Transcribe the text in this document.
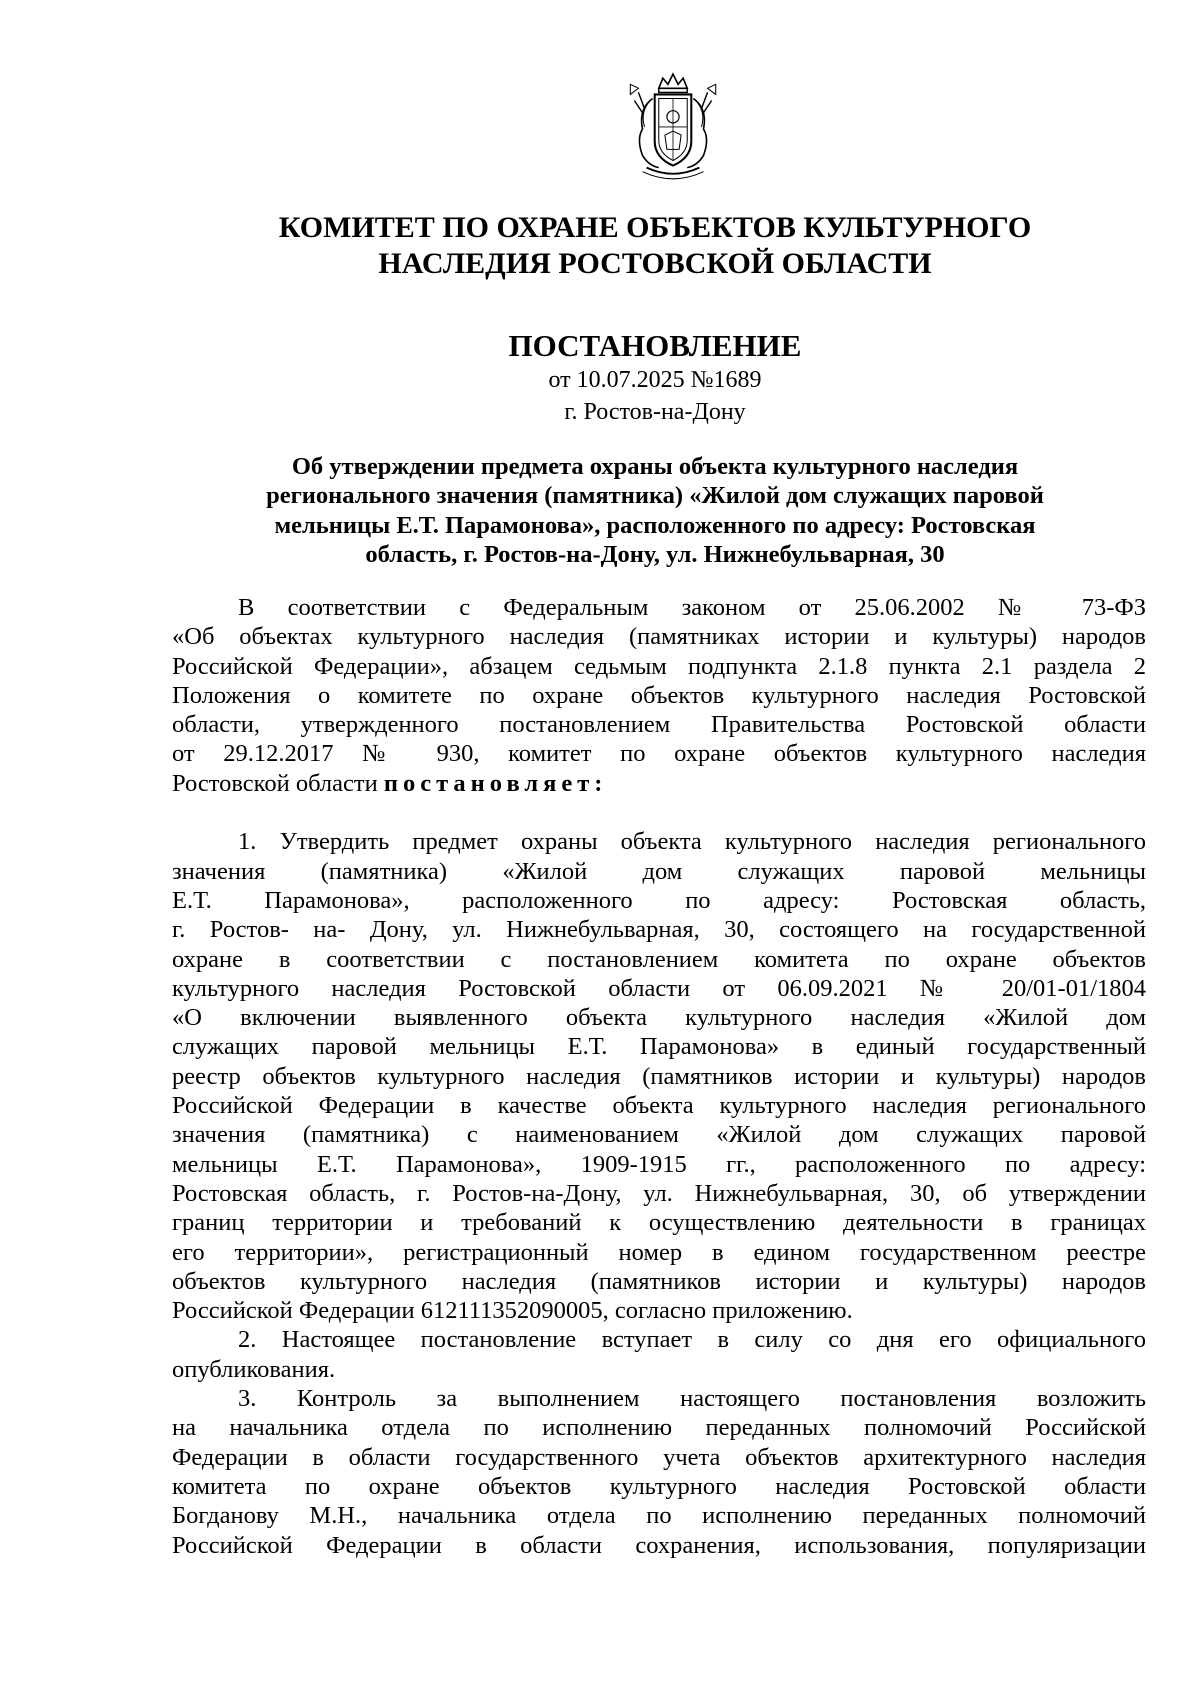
КОМИТЕТ ПО ОХРАНЕ ОБЪЕКТОВ КУЛЬТУРНОГО
НАСЛЕДИЯ РОСТОВСКОЙ ОБЛАСТИ
ПОСТАНОВЛЕНИЕ
от 10.07.2025 №1689
г. Ростов-на-Дону
Об утверждении предмета охраны объекта культурного наследия
регионального значения (памятника) «Жилой дом служащих паровой
мельницы Е.Т. Парамонова», расположенного по адресу: Ростовская
область, г. Ростов-на-Дону, ул. Нижнебульварная, 30
В соответствии с Федеральным законом от 25.06.2002 № 73-ФЗ
«Об объектах культурного наследия (памятниках истории и культуры) народов
Российской Федерации», абзацем седьмым подпункта 2.1.8 пункта 2.1 раздела 2
Положения о комитете по охране объектов культурного наследия Ростовской
области, утвержденного постановлением Правительства Ростовской области
от 29.12.2017 № 930, комитет по охране объектов культурного наследия
Ростовской области постановляет:
1. Утвердить предмет охраны объекта культурного наследия регионального
значения (памятника) «Жилой дом служащих паровой мельницы
Е.Т. Парамонова», расположенного по адресу: Ростовская область,
г. Ростов- на- Дону, ул. Нижнебульварная, 30, состоящего на государственной
охране в соответствии с постановлением комитета по охране объектов
культурного наследия Ростовской области от 06.09.2021 № 20/01-01/1804
«О включении выявленного объекта культурного наследия «Жилой дом
служащих паровой мельницы Е.Т. Парамонова» в единый государственный
реестр объектов культурного наследия (памятников истории и культуры) народов
Российской Федерации в качестве объекта культурного наследия регионального
значения (памятника) с наименованием «Жилой дом служащих паровой
мельницы Е.Т. Парамонова», 1909-1915 гг., расположенного по адресу:
Ростовская область, г. Ростов-на-Дону, ул. Нижнебульварная, 30, об утверждении
границ территории и требований к осуществлению деятельности в границах
его территории», регистрационный номер в едином государственном реестре
объектов культурного наследия (памятников истории и культуры) народов
Российской Федерации 612111352090005, согласно приложению.
2. Настоящее постановление вступает в силу со дня его официального
опубликования.
3. Контроль за выполнением настоящего постановления возложить
на начальника отдела по исполнению переданных полномочий Российской
Федерации в области государственного учета объектов архитектурного наследия
комитета по охране объектов культурного наследия Ростовской области
Богданову М.Н., начальника отдела по исполнению переданных полномочий
Российской Федерации в области сохранения, использования, популяризации
